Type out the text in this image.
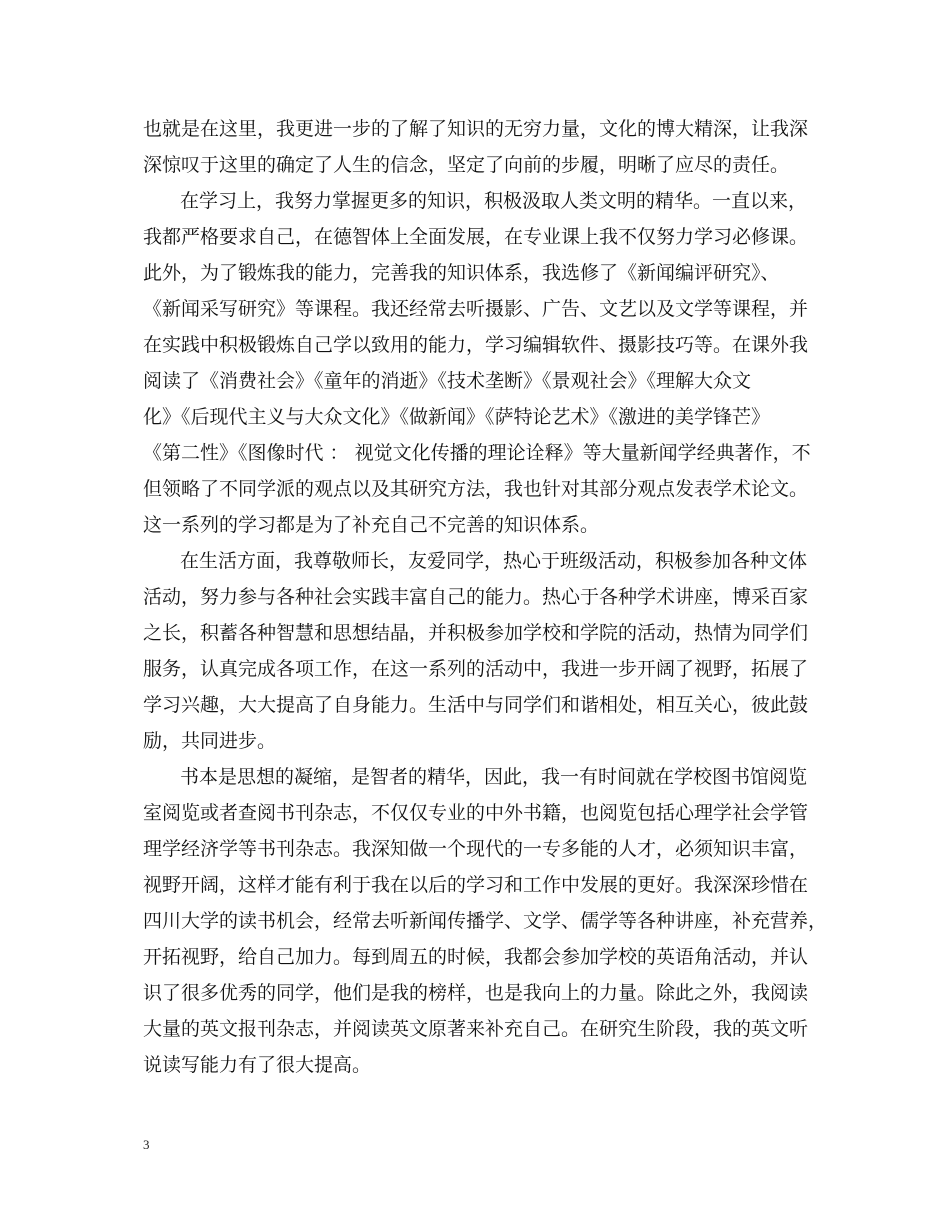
也就是在这里，我更进一步的了解了知识的无穷力量，文化的博大精深，让我深
深惊叹于这里的确定了人生的信念，坚定了向前的步履，明晰了应尽的责任。
在学习上，我努力掌握更多的知识，积极汲取人类文明的精华。一直以来，
我都严格要求自己，在德智体上全面发展，在专业课上我不仅努力学习必修课。
此外，为了锻炼我的能力，完善我的知识体系，我选修了《新闻编评研究》、
《新闻采写研究》等课程。我还经常去听摄影、广告、文艺以及文学等课程，并
在实践中积极锻炼自己学以致用的能力，学习编辑软件、摄影技巧等。在课外我
阅读了《消费社会》《童年的消逝》《技术垄断》《景观社会》《理解大众文
化》《后现代主义与大众文化》《做新闻》《萨特论艺术》《激进的美学锋芒》
《第二性》《图像时代 ： 视觉文化传播的理论诠释》等大量新闻学经典著作，不
但领略了不同学派的观点以及其研究方法，我也针对其部分观点发表学术论文。
这一系列的学习都是为了补充自己不完善的知识体系。
在生活方面，我尊敬师长，友爱同学，热心于班级活动，积极参加各种文体
活动，努力参与各种社会实践丰富自己的能力。热心于各种学术讲座，博采百家
之长，积蓄各种智慧和思想结晶，并积极参加学校和学院的活动，热情为同学们
服务，认真完成各项工作，在这一系列的活动中，我进一步开阔了视野，拓展了
学习兴趣，大大提高了自身能力。生活中与同学们和谐相处，相互关心，彼此鼓
励，共同进步。
书本是思想的凝缩，是智者的精华，因此，我一有时间就在学校图书馆阅览
室阅览或者查阅书刊杂志，不仅仅专业的中外书籍，也阅览包括心理学社会学管
理学经济学等书刊杂志。我深知做一个现代的一专多能的人才，必须知识丰富，
视野开阔，这样才能有利于我在以后的学习和工作中发展的更好。我深深珍惜在
四川大学的读书机会，经常去听新闻传播学、文学、儒学等各种讲座，补充营养，
开拓视野，给自己加力。每到周五的时候，我都会参加学校的英语角活动，并认
识了很多优秀的同学，他们是我的榜样，也是我向上的力量。除此之外，我阅读
大量的英文报刊杂志，并阅读英文原著来补充自己。在研究生阶段，我的英文听
说读写能力有了很大提高。
3
